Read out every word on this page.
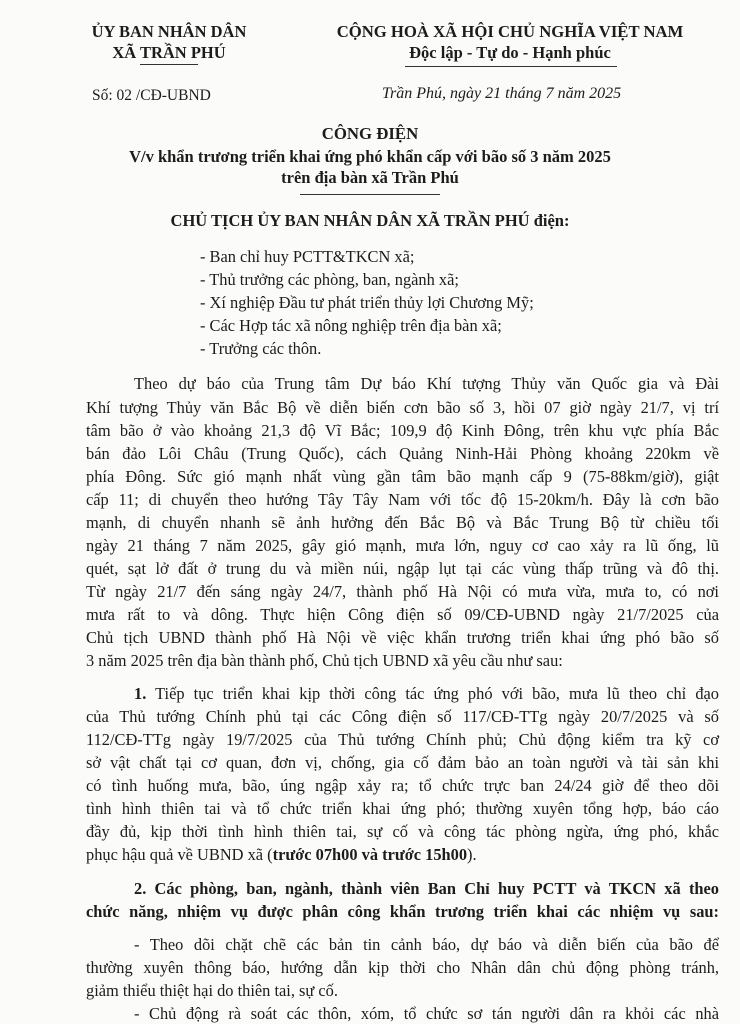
ỦY BAN NHÂN DÂN
XÃ TRẦN PHÚ
CỘNG HOÀ XÃ HỘI CHỦ NGHĨA VIỆT NAM
Độc lập - Tự do - Hạnh phúc
Số: 02 /CĐ-UBND	Trần Phú, ngày 21 tháng 7 năm 2025
CÔNG ĐIỆN
V/v khẩn trương triển khai ứng phó khẩn cấp với bão số 3 năm 2025
trên địa bàn xã Trần Phú
CHỦ TỊCH ỦY BAN NHÂN DÂN XÃ TRẦN PHÚ điện:
- Ban chỉ huy PCTT&TKCN xã;
- Thủ trưởng các phòng, ban, ngành xã;
- Xí nghiệp Đầu tư phát triển thủy lợi Chương Mỹ;
- Các Hợp tác xã nông nghiệp trên địa bàn xã;
- Trưởng các thôn.
Theo dự báo của Trung tâm Dự báo Khí tượng Thủy văn Quốc gia và Đài
Khí tượng Thủy văn Bắc Bộ về diễn biến cơn bão số 3, hồi 07 giờ ngày 21/7, vị trí
tâm bão ở vào khoảng 21,3 độ Vĩ Bắc; 109,9 độ Kinh Đông, trên khu vực phía Bắc
bán đảo Lôi Châu (Trung Quốc), cách Quảng Ninh-Hải Phòng khoảng 220km về
phía Đông. Sức gió mạnh nhất vùng gần tâm bão mạnh cấp 9 (75-88km/giờ), giật
cấp 11; di chuyển theo hướng Tây Tây Nam với tốc độ 15-20km/h. Đây là cơn bão
mạnh, di chuyển nhanh sẽ ảnh hưởng đến Bắc Bộ và Bắc Trung Bộ từ chiều tối
ngày 21 tháng 7 năm 2025, gây gió mạnh, mưa lớn, nguy cơ cao xảy ra lũ ống, lũ
quét, sạt lở đất ở trung du và miền núi, ngập lụt tại các vùng thấp trũng và đô thị.
Từ ngày 21/7 đến sáng ngày 24/7, thành phố Hà Nội có mưa vừa, mưa to, có nơi
mưa rất to và dông. Thực hiện Công điện số 09/CĐ-UBND ngày 21/7/2025 của
Chủ tịch UBND thành phố Hà Nội về việc khẩn trương triển khai ứng phó bão số
3 năm 2025 trên địa bàn thành phố, Chủ tịch UBND xã yêu cầu như sau:
1. Tiếp tục triển khai kịp thời công tác ứng phó với bão, mưa lũ theo chỉ đạo
của Thủ tướng Chính phủ tại các Công điện số 117/CĐ-TTg ngày 20/7/2025 và số
112/CĐ-TTg ngày 19/7/2025 của Thủ tướng Chính phủ; Chủ động kiểm tra kỹ cơ
sở vật chất tại cơ quan, đơn vị, chống, gia cố đảm bảo an toàn người và tài sản khi
có tình huống mưa, bão, úng ngập xảy ra; tổ chức trực ban 24/24 giờ để theo dõi
tình hình thiên tai và tổ chức triển khai ứng phó; thường xuyên tổng hợp, báo cáo
đầy đủ, kịp thời tình hình thiên tai, sự cố và công tác phòng ngừa, ứng phó, khắc
phục hậu quả về UBND xã (trước 07h00 và trước 15h00).
2. Các phòng, ban, ngành, thành viên Ban Chỉ huy PCTT và TKCN xã theo
chức năng, nhiệm vụ được phân công khẩn trương triển khai các nhiệm vụ sau:
- Theo dõi chặt chẽ các bản tin cảnh báo, dự báo và diễn biến của bão để
thường xuyên thông báo, hướng dẫn kịp thời cho Nhân dân chủ động phòng tránh,
giảm thiểu thiệt hại do thiên tai, sự cố.
- Chủ động rà soát các thôn, xóm, tổ chức sơ tán người dân ra khỏi các nhà
